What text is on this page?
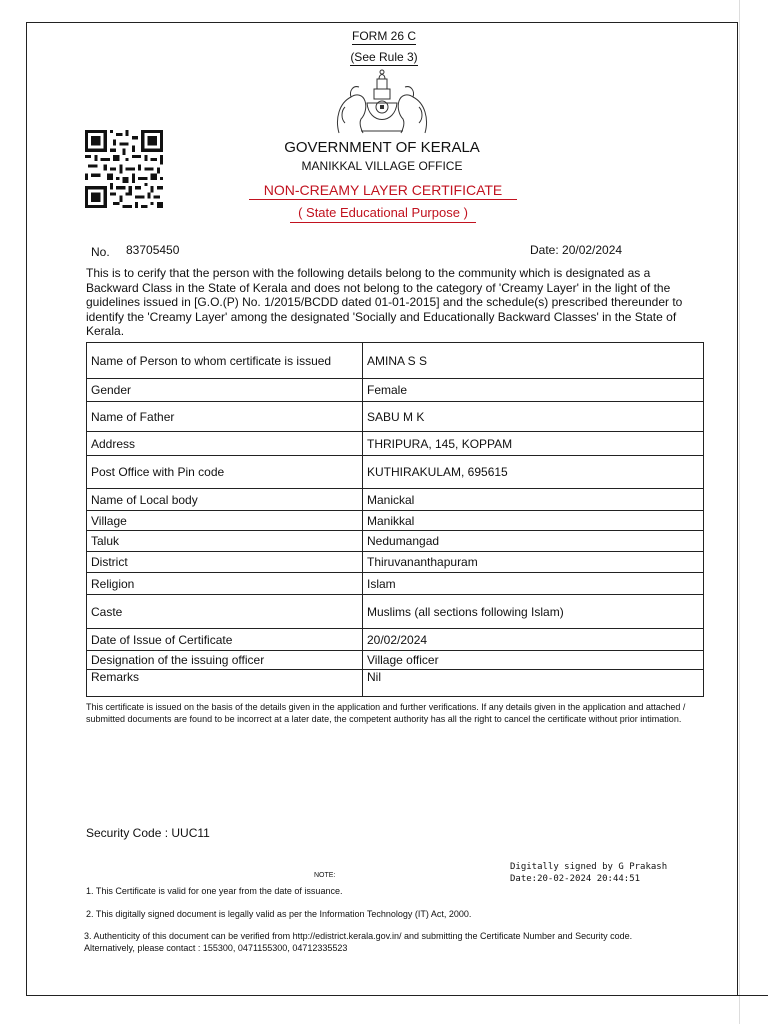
FORM 26 C
(See Rule 3)
GOVERNMENT OF KERALA
MANIKKAL VILLAGE OFFICE
NON-CREAMY LAYER CERTIFICATE
( State Educational Purpose )
No. 83705450	Date: 20/02/2024
This is to cerify that the person with the following details belong to the community which is designated as a Backward Class in the State of Kerala and does not belong to the category of 'Creamy Layer' in the light of the guidelines issued in [G.O.(P) No. 1/2015/BCDD dated 01-01-2015] and the schedule(s) prescribed thereunder to identify the 'Creamy Layer' among the designated 'Socially and Educationally Backward Classes' in the State of Kerala.
Name of Person to whom certificate is issued	AMINA S S
Gender	Female
Name of Father	SABU M K
Address	THRIPURA, 145, KOPPAM
Post Office with Pin code	KUTHIRAKULAM, 695615
Name of Local body	Manickal
Village	Manikkal
Taluk	Nedumangad
District	Thiruvananthapuram
Religion	Islam
Caste	Muslims (all sections following Islam)
Date of Issue of Certificate	20/02/2024
Designation of the issuing officer	Village officer
Remarks	Nil
This certificate is issued on the basis of the details given in the application and further verifications. If any details given in the application and attached / submitted documents are found to be incorrect at a later date, the competent authority has all the right to cancel the certificate without prior intimation.
Security Code : UUC11
Digitally signed by G Prakash
Date:20-02-2024 20:44:51
NOTE:
1. This Certificate is valid for one year from the date of issuance.
2. This digitally signed document is legally valid as per the Information Technology (IT) Act, 2000.
3. Authenticity of this document can be verified from http://edistrict.kerala.gov.in/ and submitting the Certificate Number and Security code. Alternatively, please contact : 155300, 0471155300, 04712335523
